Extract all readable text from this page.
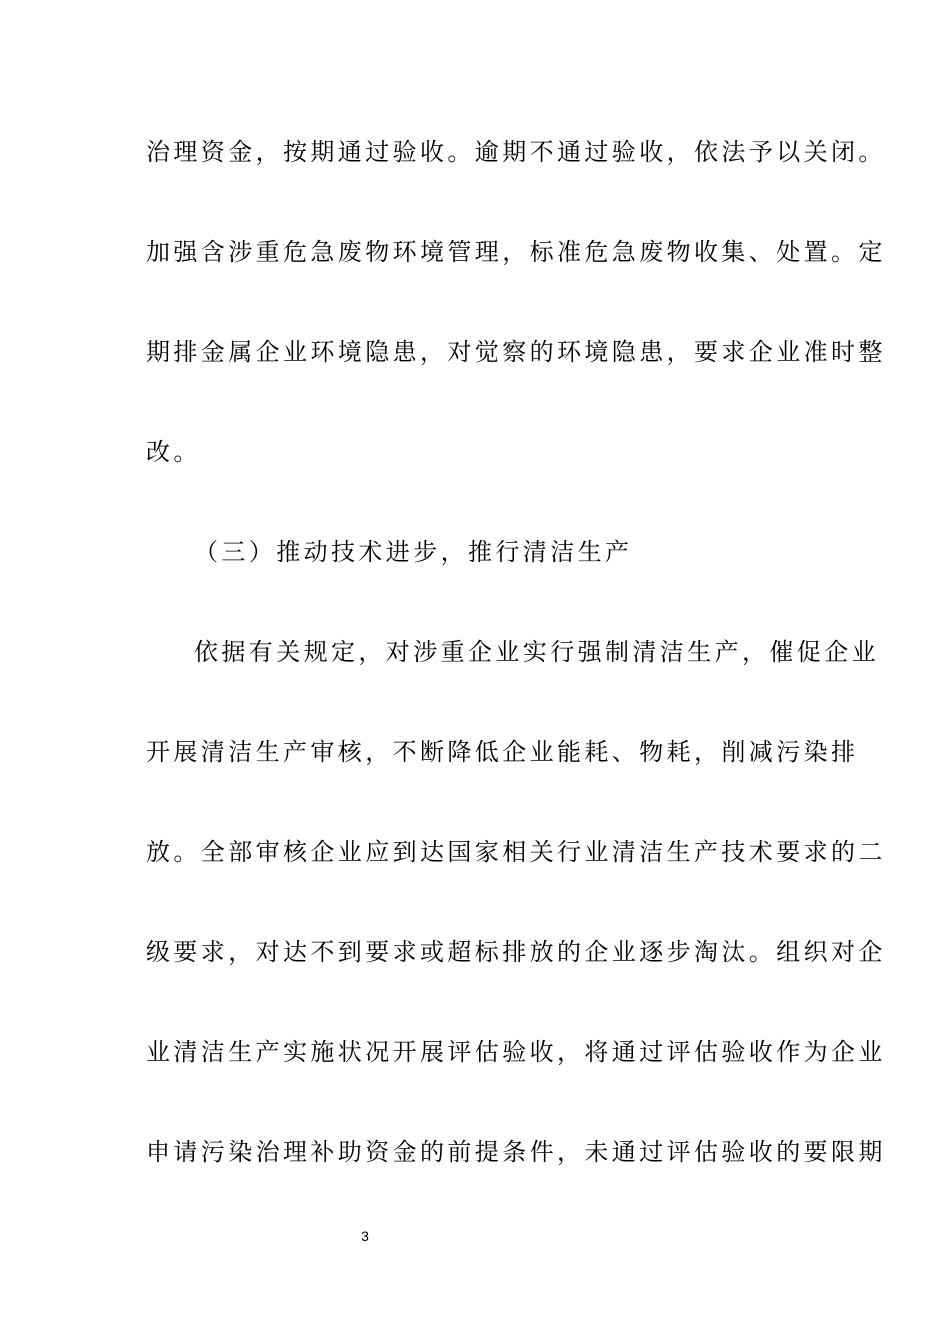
治理资金，按期通过验收。逾期不通过验收，依法予以关闭。
加强含涉重危急废物环境管理，标准危急废物收集、处置。定
期排金属企业环境隐患，对觉察的环境隐患，要求企业准时整
改。
（三）推动技术进步，推行清洁生产
依据有关规定，对涉重企业实行强制清洁生产，催促企业
开展清洁生产审核，不断降低企业能耗、物耗，削减污染排
放。全部审核企业应到达国家相关行业清洁生产技术要求的二
级要求，对达不到要求或超标排放的企业逐步淘汰。组织对企
业清洁生产实施状况开展评估验收，将通过评估验收作为企业
申请污染治理补助资金的前提条件，未通过评估验收的要限期
3
